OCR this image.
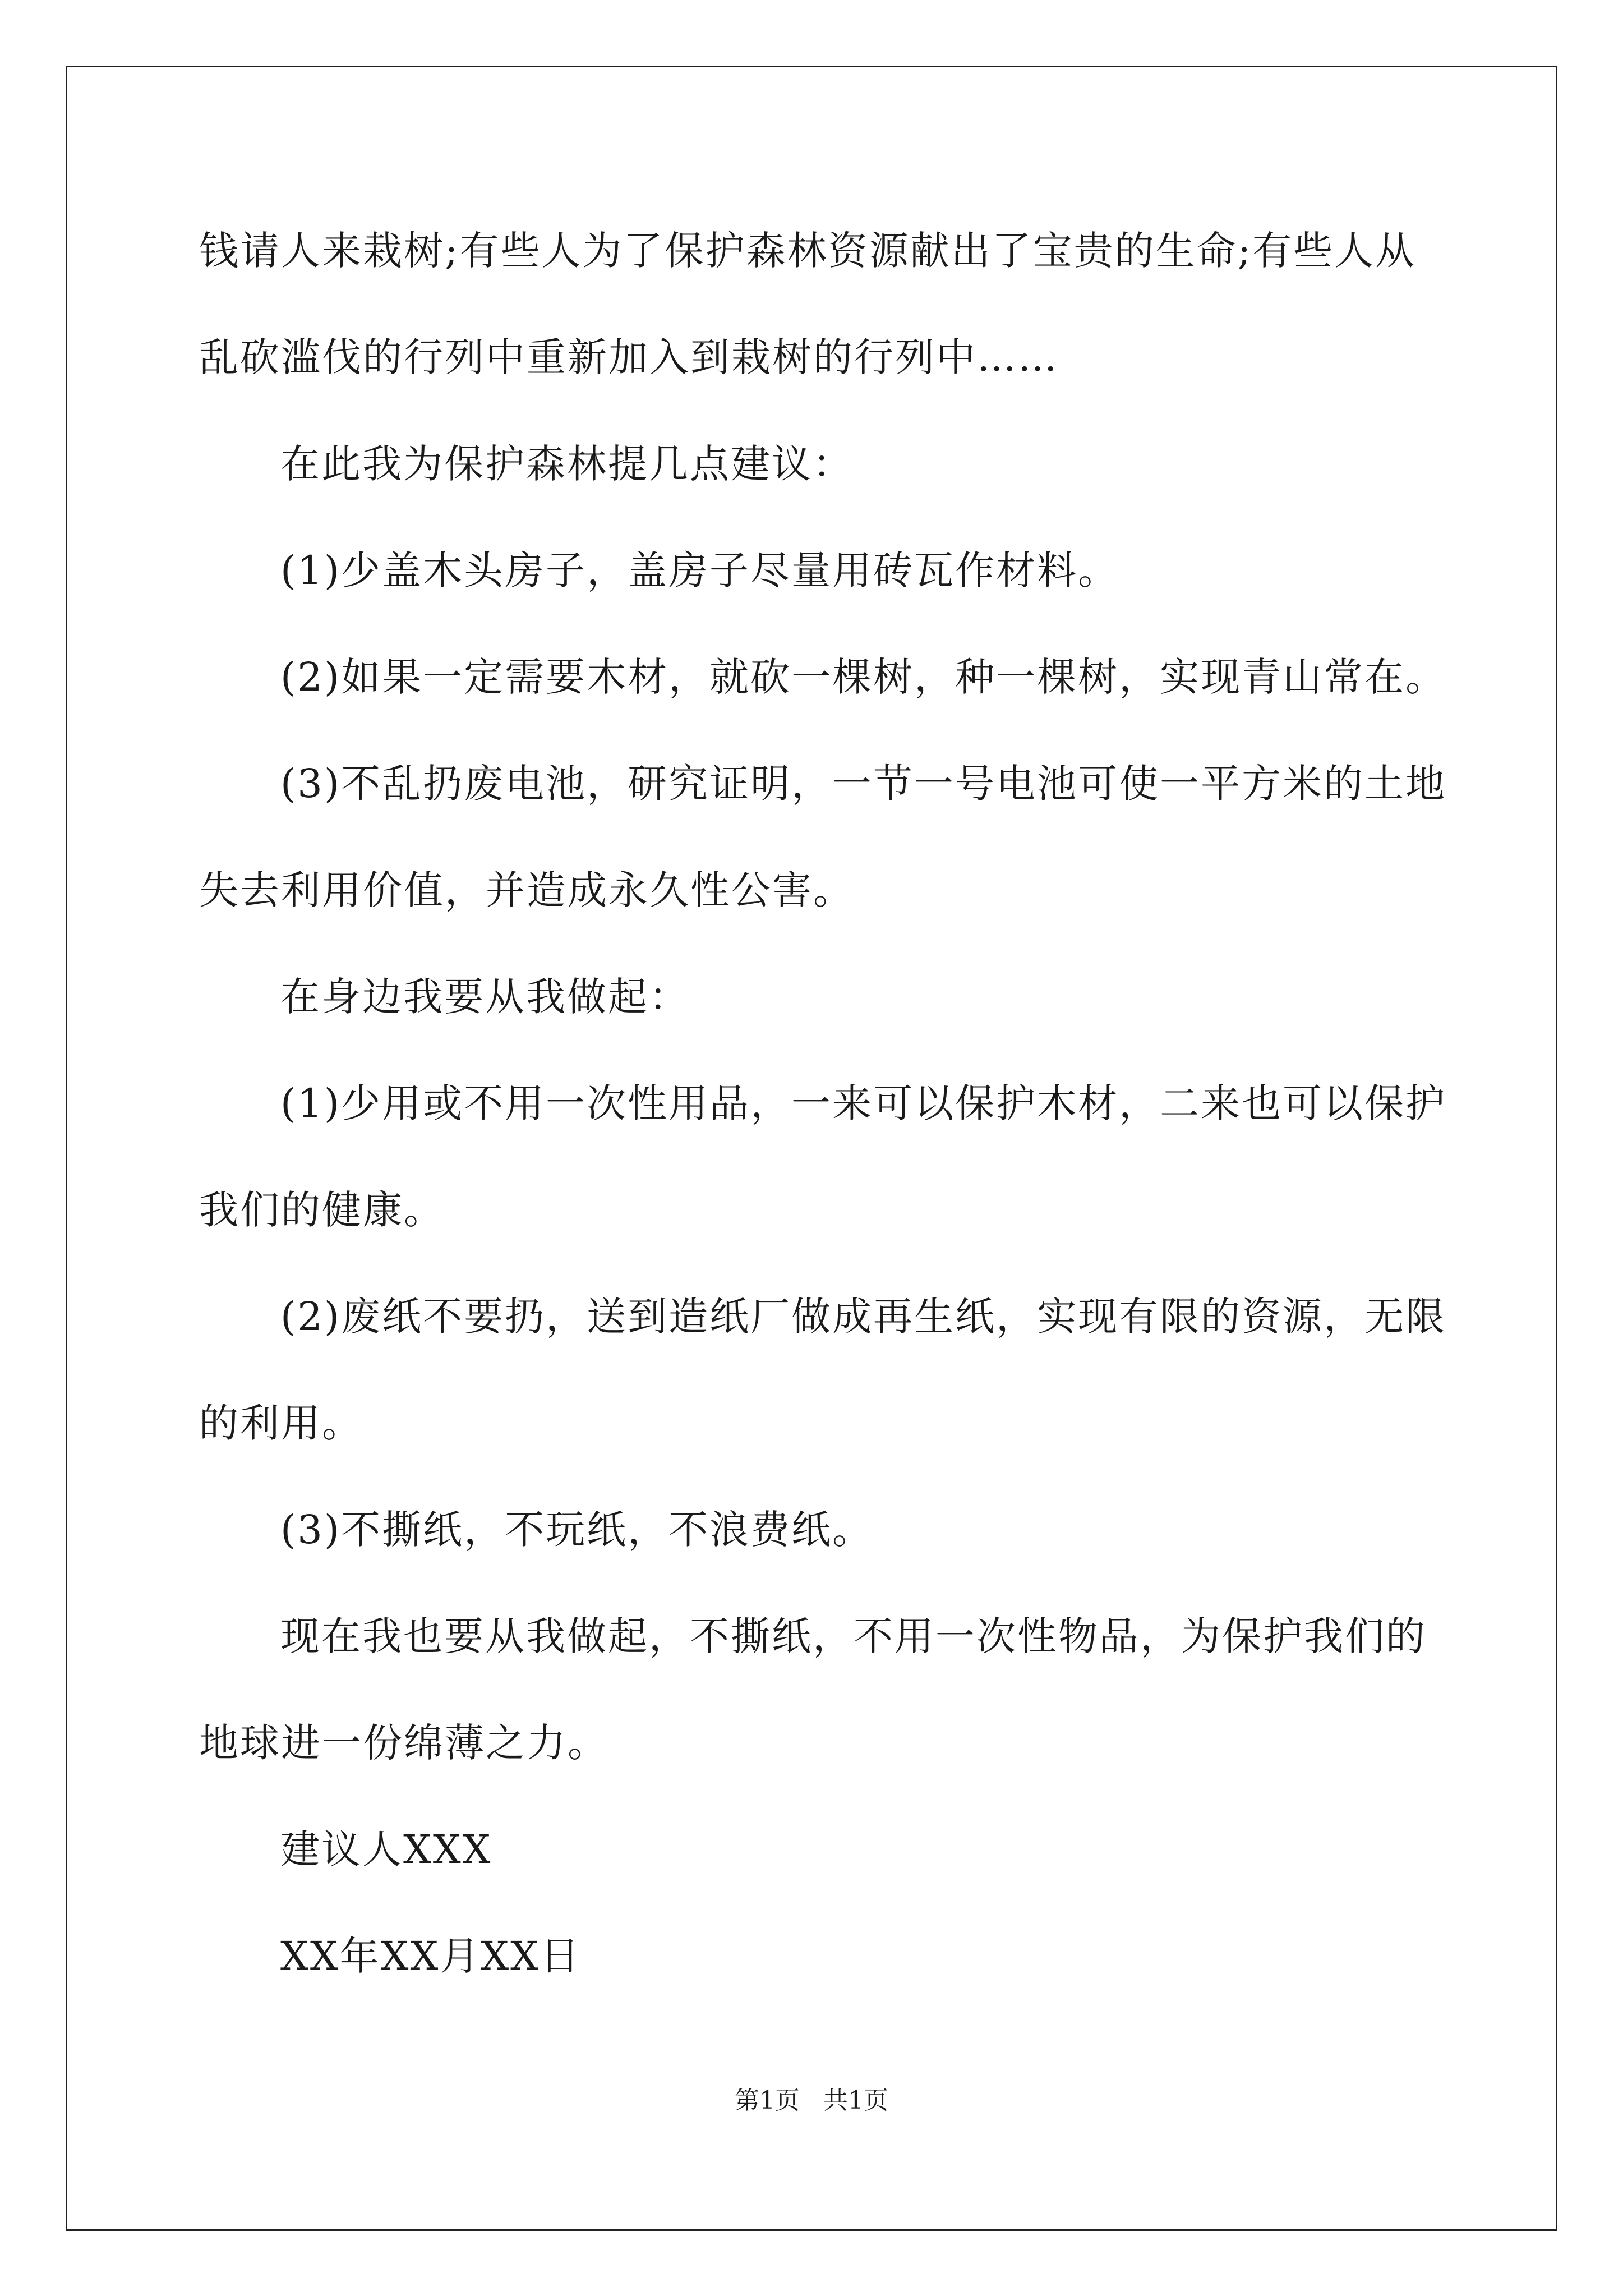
钱请人来栽树;有些人为了保护森林资源献出了宝贵的生命;有些人从
乱砍滥伐的行列中重新加入到栽树的行列中……
在此我为保护森林提几点建议：
(1)少盖木头房子，盖房子尽量用砖瓦作材料。
(2)如果一定需要木材，就砍一棵树，种一棵树，实现青山常在。
(3)不乱扔废电池，研究证明，一节一号电池可使一平方米的土地
失去利用价值，并造成永久性公害。
在身边我要从我做起：
(1)少用或不用一次性用品，一来可以保护木材，二来也可以保护
我们的健康。
(2)废纸不要扔，送到造纸厂做成再生纸，实现有限的资源，无限
的利用。
(3)不撕纸，不玩纸，不浪费纸。
现在我也要从我做起，不撕纸，不用一次性物品，为保护我们的
地球进一份绵薄之力。
建议人XXX
XX年XX月XX日
第1页   共1页
